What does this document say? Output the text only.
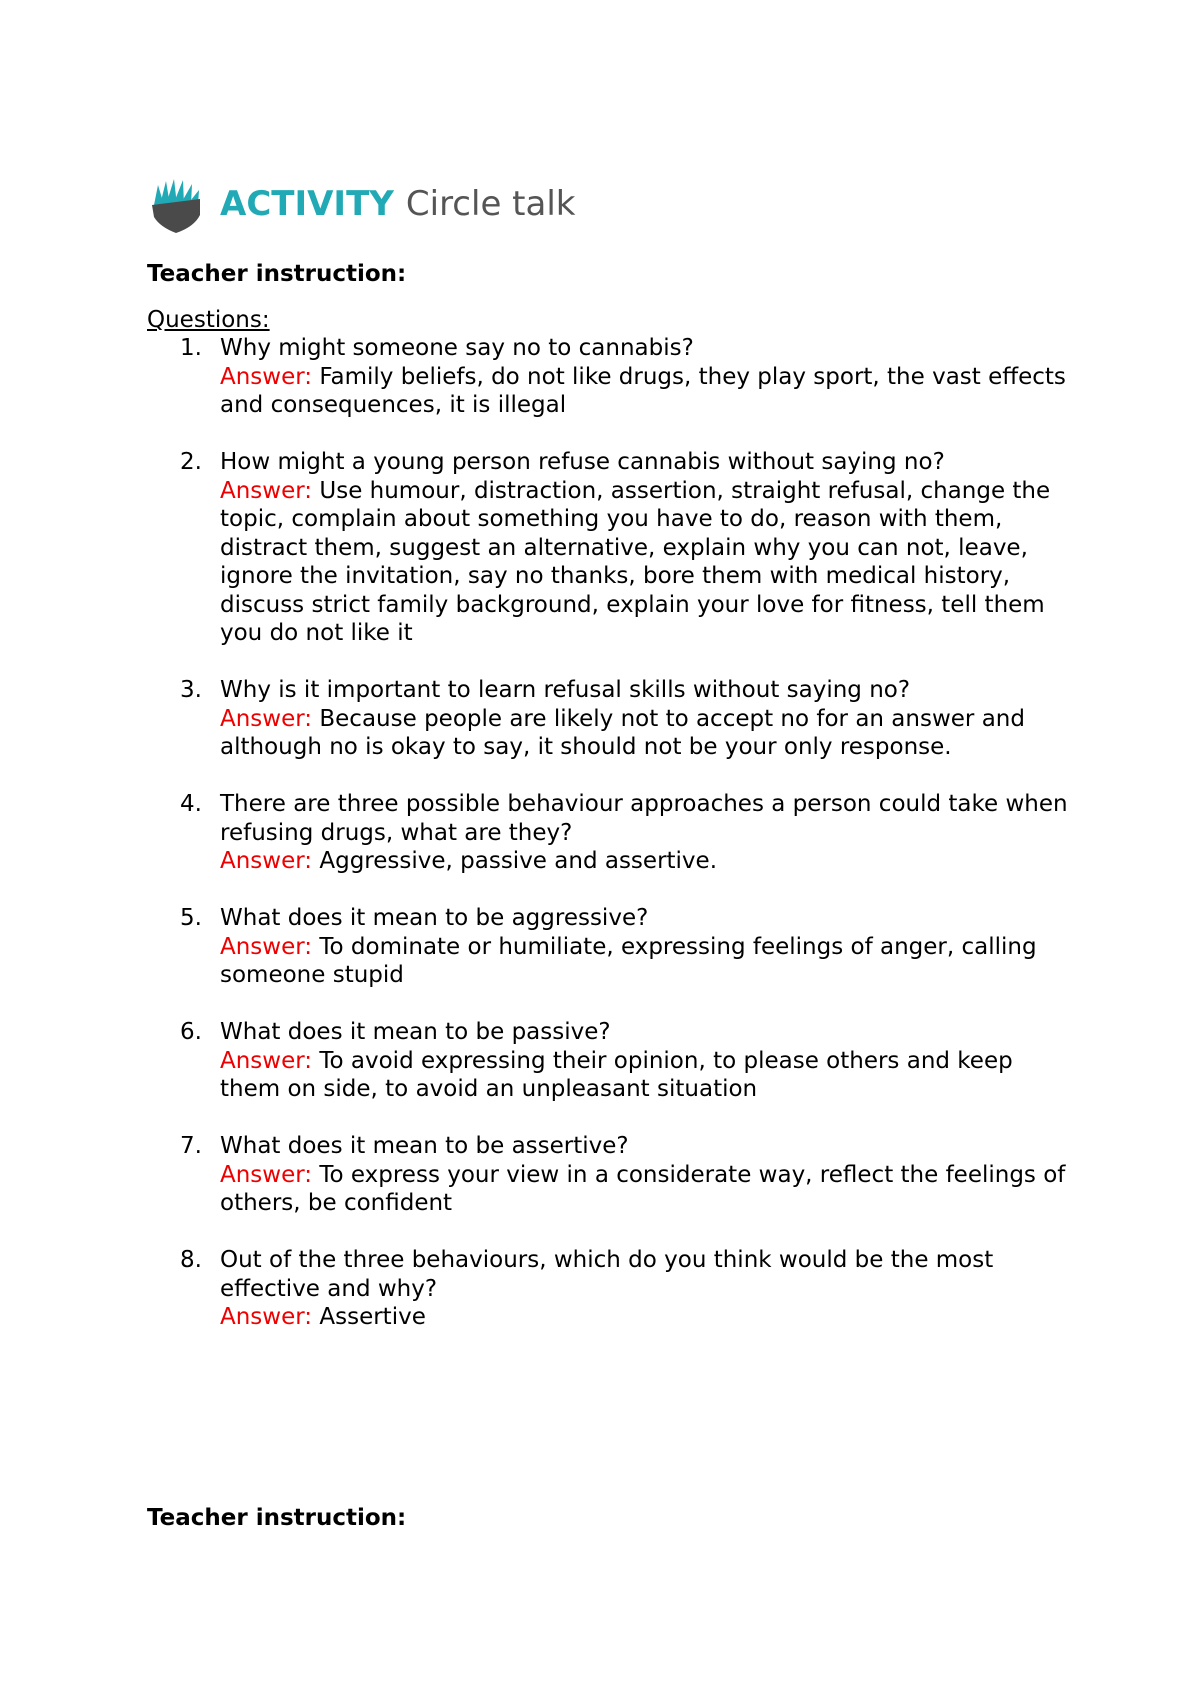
ACTIVITY Circle talk
Teacher instruction:
Questions:
1. Why might someone say no to cannabis?
Answer: Family beliefs, do not like drugs, they play sport, the vast effects and consequences, it is illegal
2. How might a young person refuse cannabis without saying no?
Answer: Use humour, distraction, assertion, straight refusal, change the topic, complain about something you have to do, reason with them, distract them, suggest an alternative, explain why you can not, leave, ignore the invitation, say no thanks, bore them with medical history, discuss strict family background, explain your love for fitness, tell them you do not like it
3. Why is it important to learn refusal skills without saying no?
Answer: Because people are likely not to accept no for an answer and although no is okay to say, it should not be your only response.
4. There are three possible behaviour approaches a person could take when refusing drugs, what are they?
Answer: Aggressive, passive and assertive.
5. What does it mean to be aggressive?
Answer: To dominate or humiliate, expressing feelings of anger, calling someone stupid
6. What does it mean to be passive?
Answer: To avoid expressing their opinion, to please others and keep them on side, to avoid an unpleasant situation
7. What does it mean to be assertive?
Answer: To express your view in a considerate way, reflect the feelings of others, be confident
8. Out of the three behaviours, which do you think would be the most effective and why?
Answer: Assertive
Teacher instruction:
